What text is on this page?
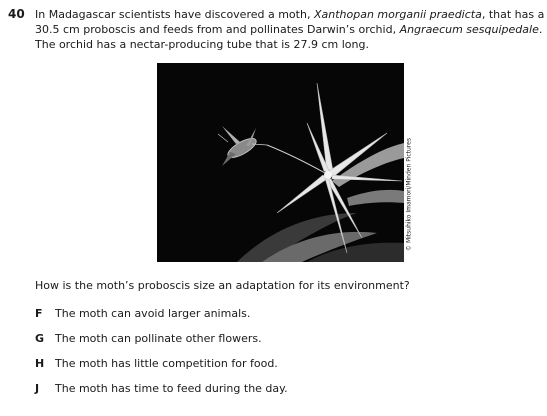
40 In Madagascar scientists have discovered a moth, Xanthopan morganii praedicta, that has a 30.5 cm proboscis and feeds from and pollinates Darwin’s orchid, Angraecum sesquipedale. The orchid has a nectar-producing tube that is 27.9 cm long.
© Mitsuhiko Imamori/Minden Pictures
How is the moth’s proboscis size an adaptation for its environment?
F The moth can avoid larger animals.
G The moth can pollinate other flowers.
H The moth has little competition for food.
J The moth has time to feed during the day.
